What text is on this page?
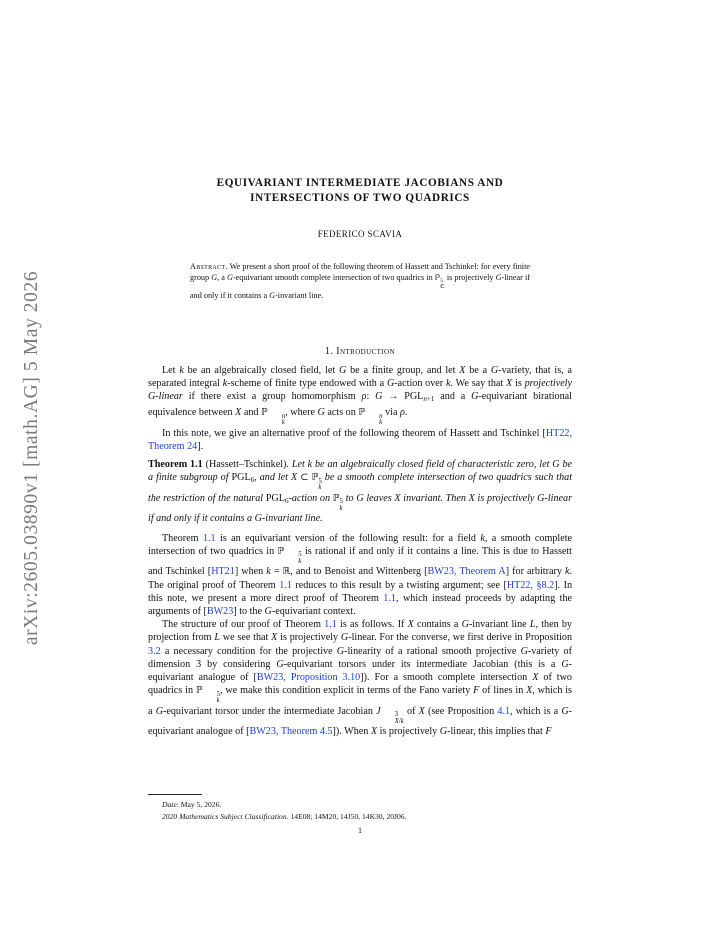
arXiv:2605.03890v1 [math.AG] 5 May 2026
EQUIVARIANT INTERMEDIATE JACOBIANS AND
INTERSECTIONS OF TWO QUADRICS
FEDERICO SCAVIA
Abstract. We present a short proof of the following theorem of Hassett and Tschinkel: for every finite group G, a G-equivariant smooth complete intersection of two quadrics in ℙ 5
ℂ
is projectively G-linear if and only if it contains a G-invariant line.
1. Introduction

Let k be an algebraically closed field, let G be a finite group, and let X be a G-variety, that is, a separated integral k-scheme of finite type endowed with a G-action over k. We say that X is projectively G-linear if there exist a group homomorphism ρ: $G \to PGL_{n+1}$ and a G-equivariant birational equivalence between X and ℙ	n
k
, where G acts on ℙ	n
k
via ρ.

In this note, we give an alternative proof of the following theorem of Hassett and Tschinkel [HT22, Theorem 24].

Theorem 1.1 (Hassett–Tschinkel). Let k be an algebraically closed field of characteristic zero, let G be a finite subgroup of $PGL_6$, and let X ⊂ ℙ 5
k
be a smooth complete intersection of two quadrics such that the restriction of the natural $PGL_6$-action on ℙ 5
k
to G leaves X invariant. Then X is projectively G-linear if and only if it contains a G-invariant line.

Theorem 1.1 is an equivariant version of the following result: for a field k, a smooth complete intersection of two quadrics in ℙ	5
k
is rational if and only if it contains a line. This is due to Hassett and Tschinkel [HT21] when k = ℝ, and to Benoist and Wittenberg [BW23, Theorem A] for arbitrary k. The original proof of Theorem 1.1 reduces to this result by a twisting argument; see [HT22, §8.2]. In this note, we present a more direct proof of Theorem 1.1, which instead proceeds by adapting the arguments of [BW23] to the G-equivariant context.

The structure of our proof of Theorem 1.1 is as follows. If X contains a G-invariant line L, then by projection from L we see that X is projectively G-linear. For the converse, we first derive in Proposition 3.2 a necessary condition for the projective G-linearity of a rational smooth projective G-variety of dimension 3 by considering G-equivariant torsors under its intermediate Jacobian (this is a G-equivariant analogue of [BW23, Proposition 3.10]). For a smooth complete intersection X of two quadrics in ℙ	5
k
, we make this condition explicit in terms of the Fano variety F of lines in X, which is a G-equivariant torsor under the intermediate Jacobian J	3
X/k
of X (see Proposition 4.1, which is a G-equivariant analogue of [BW23, Theorem 4.5]). When X is projectively G-linear, this implies that F

Date: May 5, 2026.
2020 Mathematics Subject Classification. 14E08; 14M20, 14J50, 14K30, 20J06.
1
